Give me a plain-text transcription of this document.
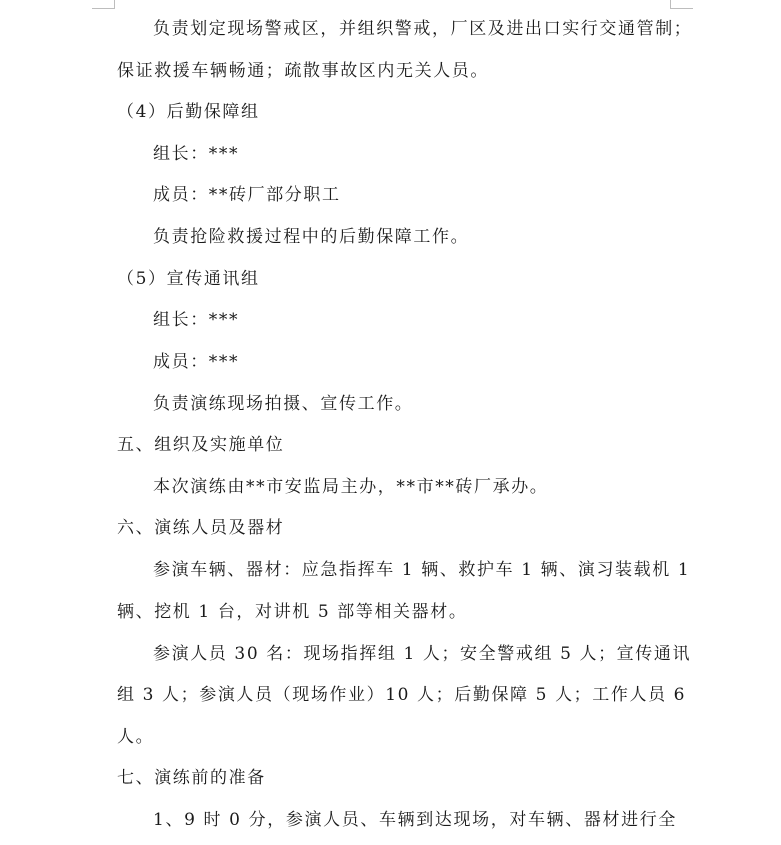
负责划定现场警戒区，并组织警戒，厂区及进出口实行交通管制；
保证救援车辆畅通；疏散事故区内无关人员。
（4）后勤保障组
组长：***
成员：**砖厂部分职工
负责抢险救援过程中的后勤保障工作。
（5）宣传通讯组
组长：***
成员：***
负责演练现场拍摄、宣传工作。
五、组织及实施单位
本次演练由**市安监局主办，**市**砖厂承办。
六、演练人员及器材
参演车辆、器材：应急指挥车 1 辆、救护车 1 辆、演习装载机 1
辆、挖机 1 台，对讲机 5 部等相关器材。
参演人员 30 名：现场指挥组 1 人；安全警戒组 5 人；宣传通讯
组 3 人；参演人员（现场作业）10 人；后勤保障 5 人；工作人员 6
人。
七、演练前的准备
1、9 时 0 分，参演人员、车辆到达现场，对车辆、器材进行全
